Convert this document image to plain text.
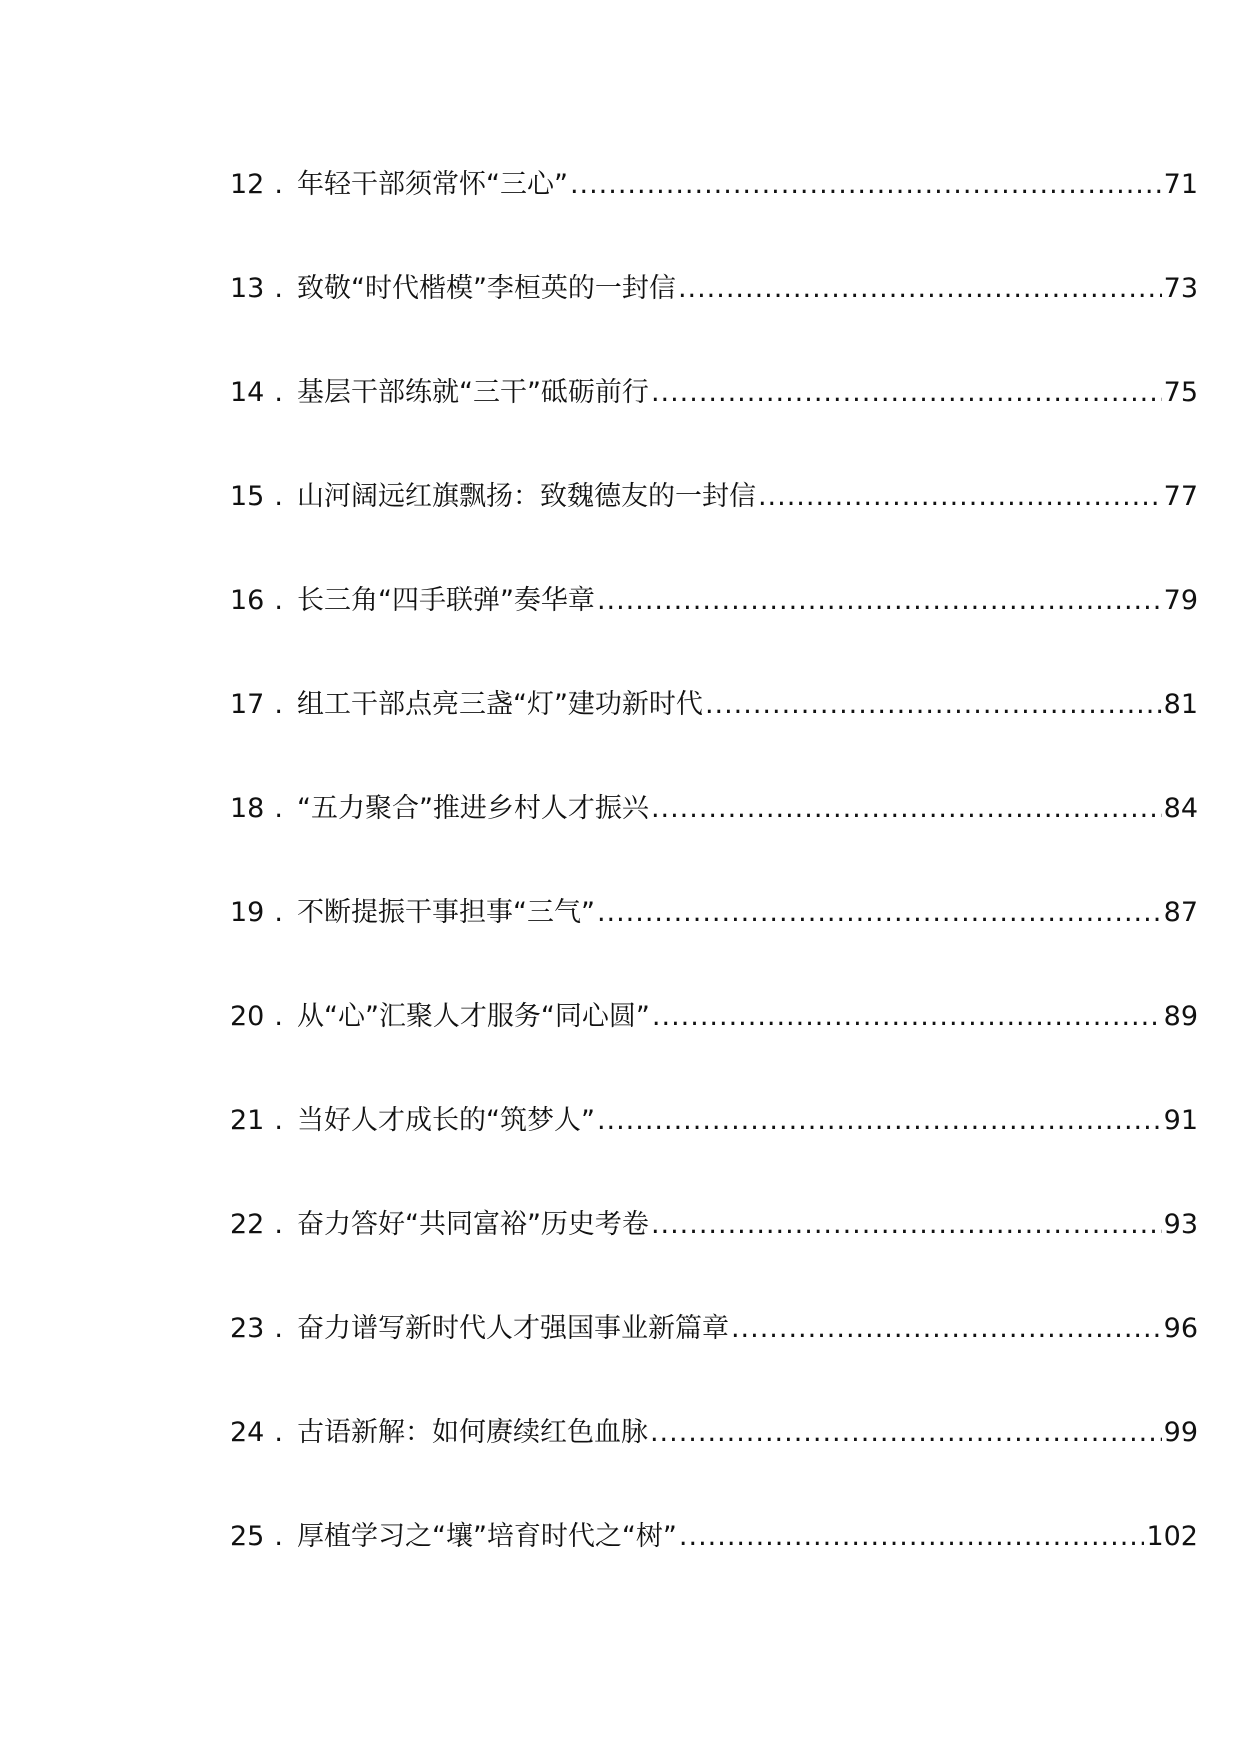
12 . 年轻干部须常怀“三心” .....	71
13 . 致敬“时代楷模”李桓英的一封信 .....	73
14 . 基层干部练就“三干”砥砺前行 .....	75
15 . 山河阔远红旗飘扬：致魏德友的一封信 .....	77
16 . 长三角“四手联弹”奏华章 .....	79
17 . 组工干部点亮三盏“灯”建功新时代 .....	81
18 . “五力聚合”推进乡村人才振兴 .....	84
19 . 不断提振干事担事“三气” .....	87
20 . 从“心”汇聚人才服务“同心圆” .....	89
21 . 当好人才成长的“筑梦人” .....	91
22 . 奋力答好“共同富裕”历史考卷 .....	93
23 . 奋力谱写新时代人才强国事业新篇章 .....	96
24 . 古语新解：如何赓续红色血脉 .....	99
25 . 厚植学习之“壤”培育时代之“树” .....	102
